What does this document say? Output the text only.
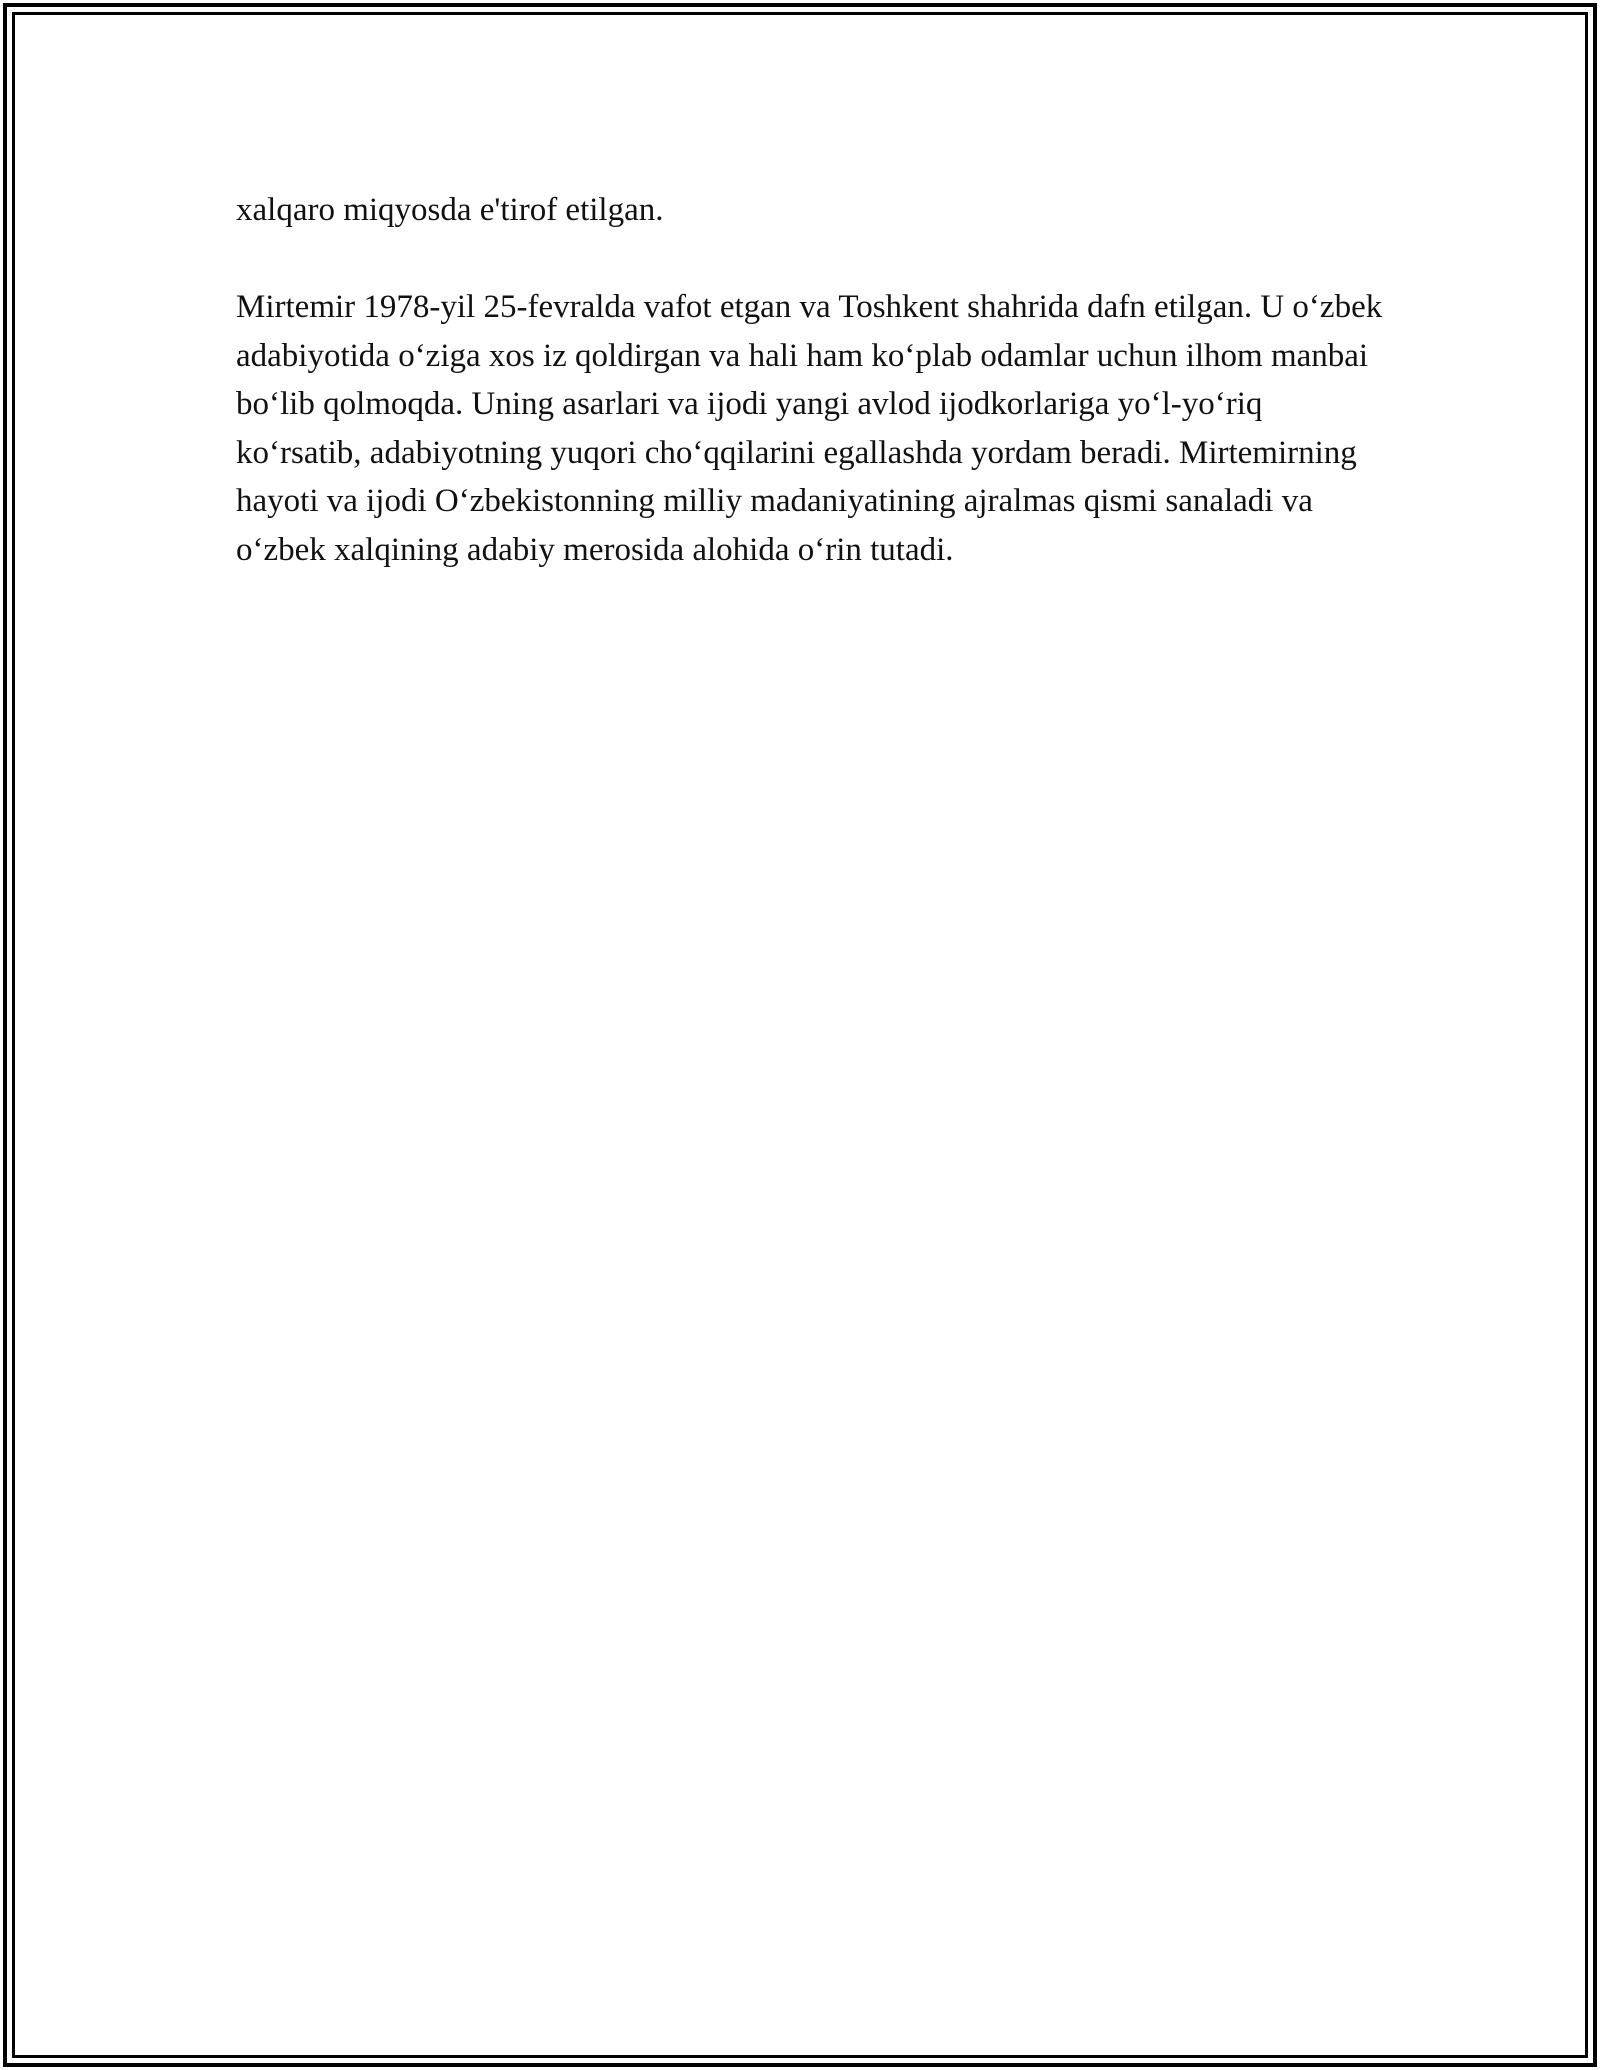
xalqaro miqyosda e'tirof etilgan.

Mirtemir 1978-yil 25-fevralda vafot etgan va Toshkent shahrida dafn etilgan. U o‘zbek adabiyotida o‘ziga xos iz qoldirgan va hali ham ko‘plab odamlar uchun ilhom manbai bo‘lib qolmoqda. Uning asarlari va ijodi yangi avlod ijodkorlariga yo‘l-yo‘riq ko‘rsatib, adabiyotning yuqori cho‘qqilarini egallashda yordam beradi. Mirtemirning hayoti va ijodi O‘zbekistonning milliy madaniyatining ajralmas qismi sanaladi va o‘zbek xalqining adabiy merosida alohida o‘rin tutadi.
